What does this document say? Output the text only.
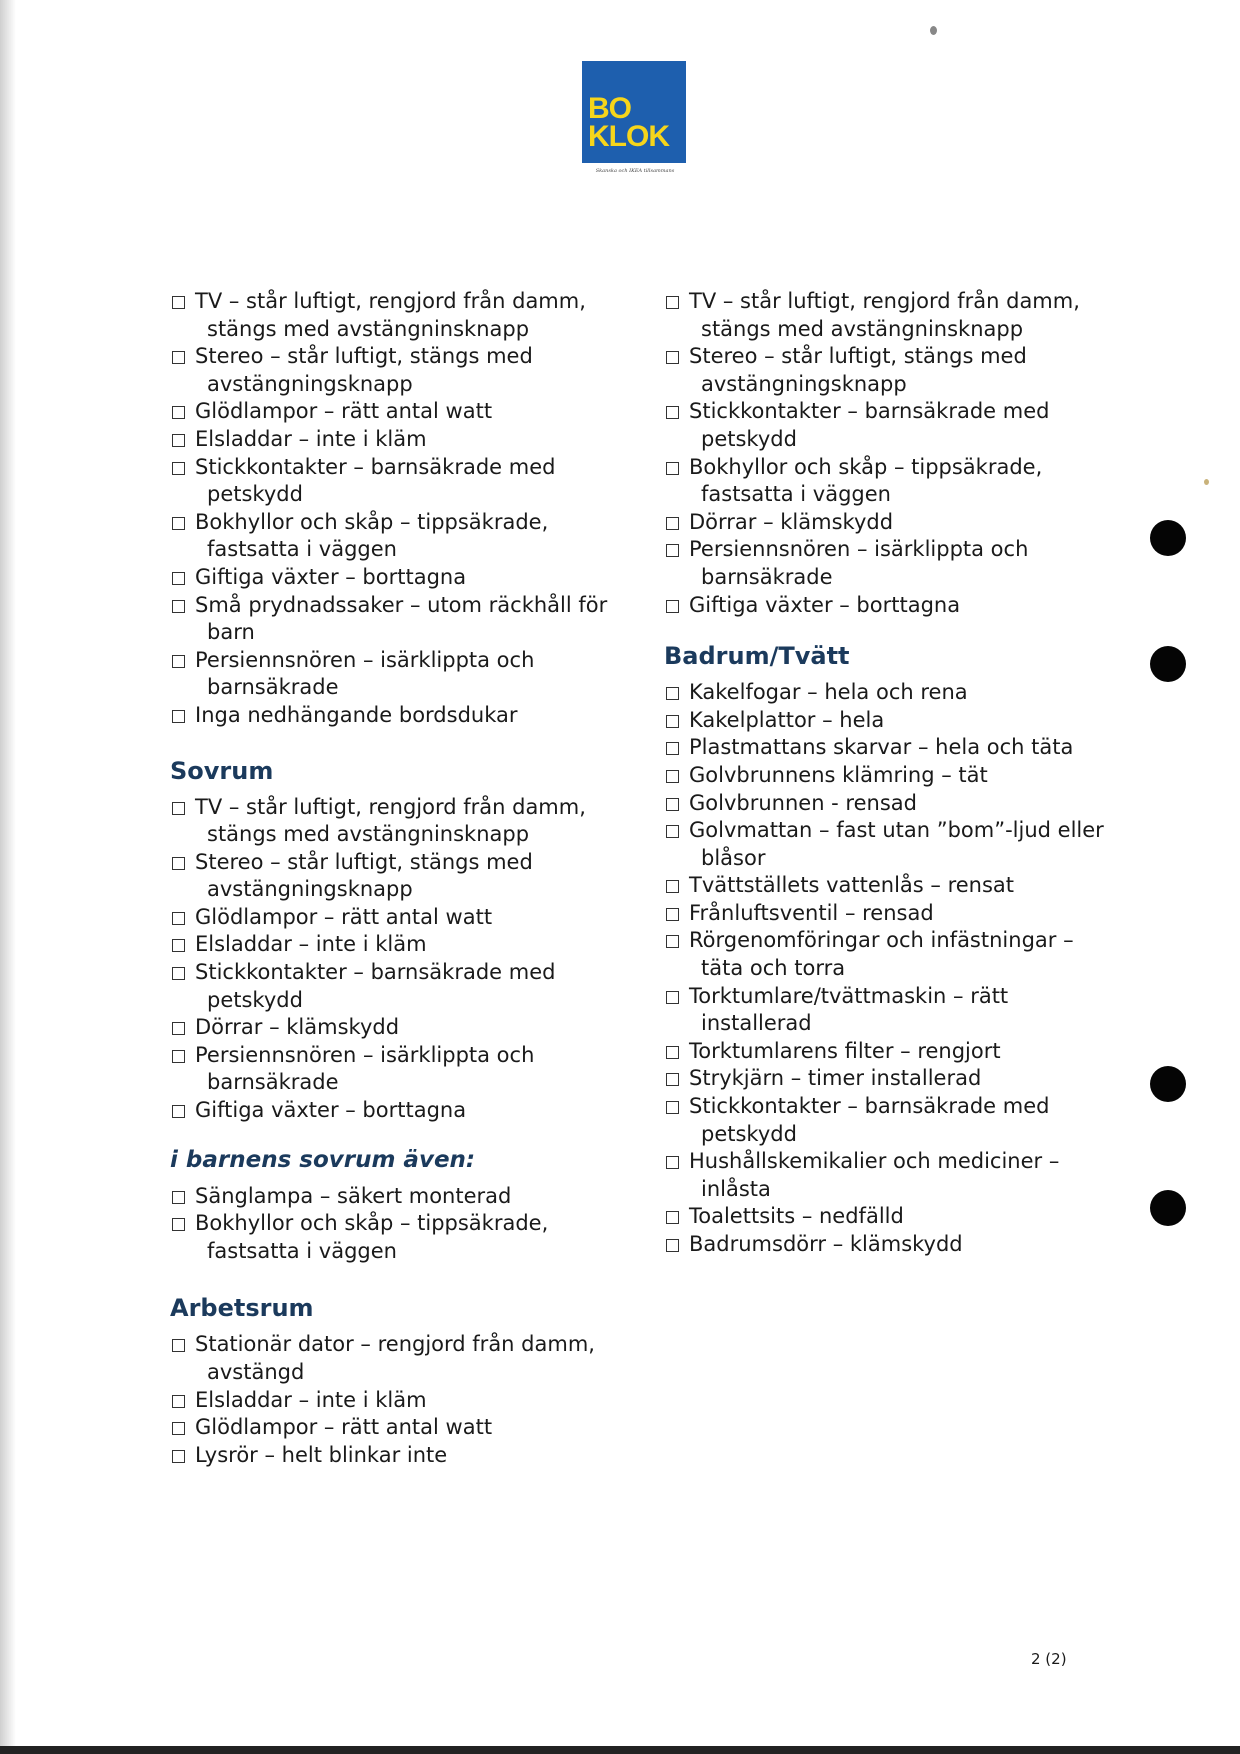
BO
KLOK
Skanska och IKEA tillsammans
TV – står luftigt, rengjord från damm, stängs med avstängninsknapp
Stereo – står luftigt, stängs med avstängningsknapp
Glödlampor – rätt antal watt
Elsladdar – inte i kläm
Stickkontakter – barnsäkrade med petskydd
Bokhyllor och skåp – tippsäkrade, fastsatta i väggen
Giftiga växter – borttagna
Små prydnadssaker – utom räckhåll för barn
Persiennsnören – isärklippta och barnsäkrade
Inga nedhängande bordsdukar
Sovrum
TV – står luftigt, rengjord från damm, stängs med avstängninsknapp
Stereo – står luftigt, stängs med avstängningsknapp
Glödlampor – rätt antal watt
Elsladdar – inte i kläm
Stickkontakter – barnsäkrade med petskydd
Dörrar – klämskydd
Persiennsnören – isärklippta och barnsäkrade
Giftiga växter – borttagna
i barnens sovrum även:
Sänglampa – säkert monterad
Bokhyllor och skåp – tippsäkrade, fastsatta i väggen
Arbetsrum
Stationär dator – rengjord från damm, avstängd
Elsladdar – inte i kläm
Glödlampor – rätt antal watt
Lysrör – helt blinkar inte
TV – står luftigt, rengjord från damm, stängs med avstängninsknapp
Stereo – står luftigt, stängs med avstängningsknapp
Stickkontakter – barnsäkrade med petskydd
Bokhyllor och skåp – tippsäkrade, fastsatta i väggen
Dörrar – klämskydd
Persiennsnören – isärklippta och barnsäkrade
Giftiga växter – borttagna
Badrum/Tvätt
Kakelfogar – hela och rena
Kakelplattor – hela
Plastmattans skarvar – hela och täta
Golvbrunnens klämring – tät
Golvbrunnen - rensad
Golvmattan – fast utan ”bom”-ljud eller blåsor
Tvättställets vattenlås – rensat
Frånluftsventil – rensad
Rörgenomföringar och infästningar – täta och torra
Torktumlare/tvättmaskin – rätt installerad
Torktumlarens filter – rengjort
Strykjärn – timer installerad
Stickkontakter – barnsäkrade med petskydd
Hushållskemikalier och mediciner – inlåsta
Toalettsits – nedfälld
Badrumsdörr – klämskydd
2 (2)
